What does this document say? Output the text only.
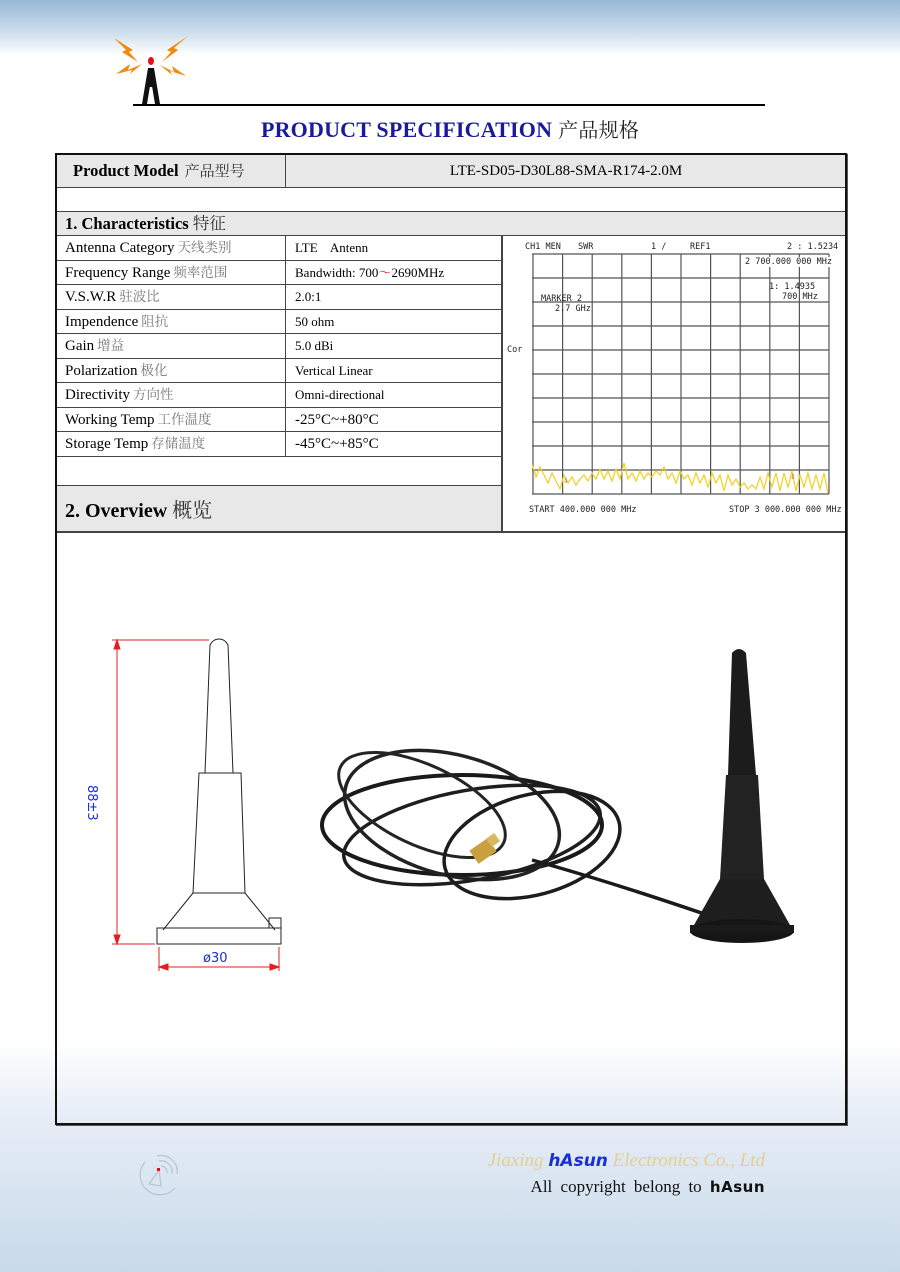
PRODUCT SPECIFICATION 产品规格
Product Model 产品型号	LTE-SD05-D30L88-SMA-R174-2.0M
1. Characteristics 特征
Antenna Category 天线类别	LTE    Antenn
Frequency Range 频率范围	Bandwidth: 700～2690MHz
V.S.W.R 驻波比	2.0:1
Impendence 阻抗	50 ohm
Gain 增益	5.0 dBi
Polarization 极化	Vertical Linear
Directivity 方向性	Omni-directional
Working Temp 工作温度	-25°C~+80°C
Storage Temp 存储温度	-45°C~+85°C
2. Overview 概览
CH1 MEN SWR	1 /	REF1	2 : 1.5234
Cor
⇩	⇩
2 700.000 000 MHz
1: 1.4935
700 MHz
MARKER 2
2.7 GHz
START 400.000 000 MHz	STOP 3 000.000 000 MHz
88±3
ø30
Jiaxing hAsun Electronics Co., Ltd
All copyright belong to hAsun
